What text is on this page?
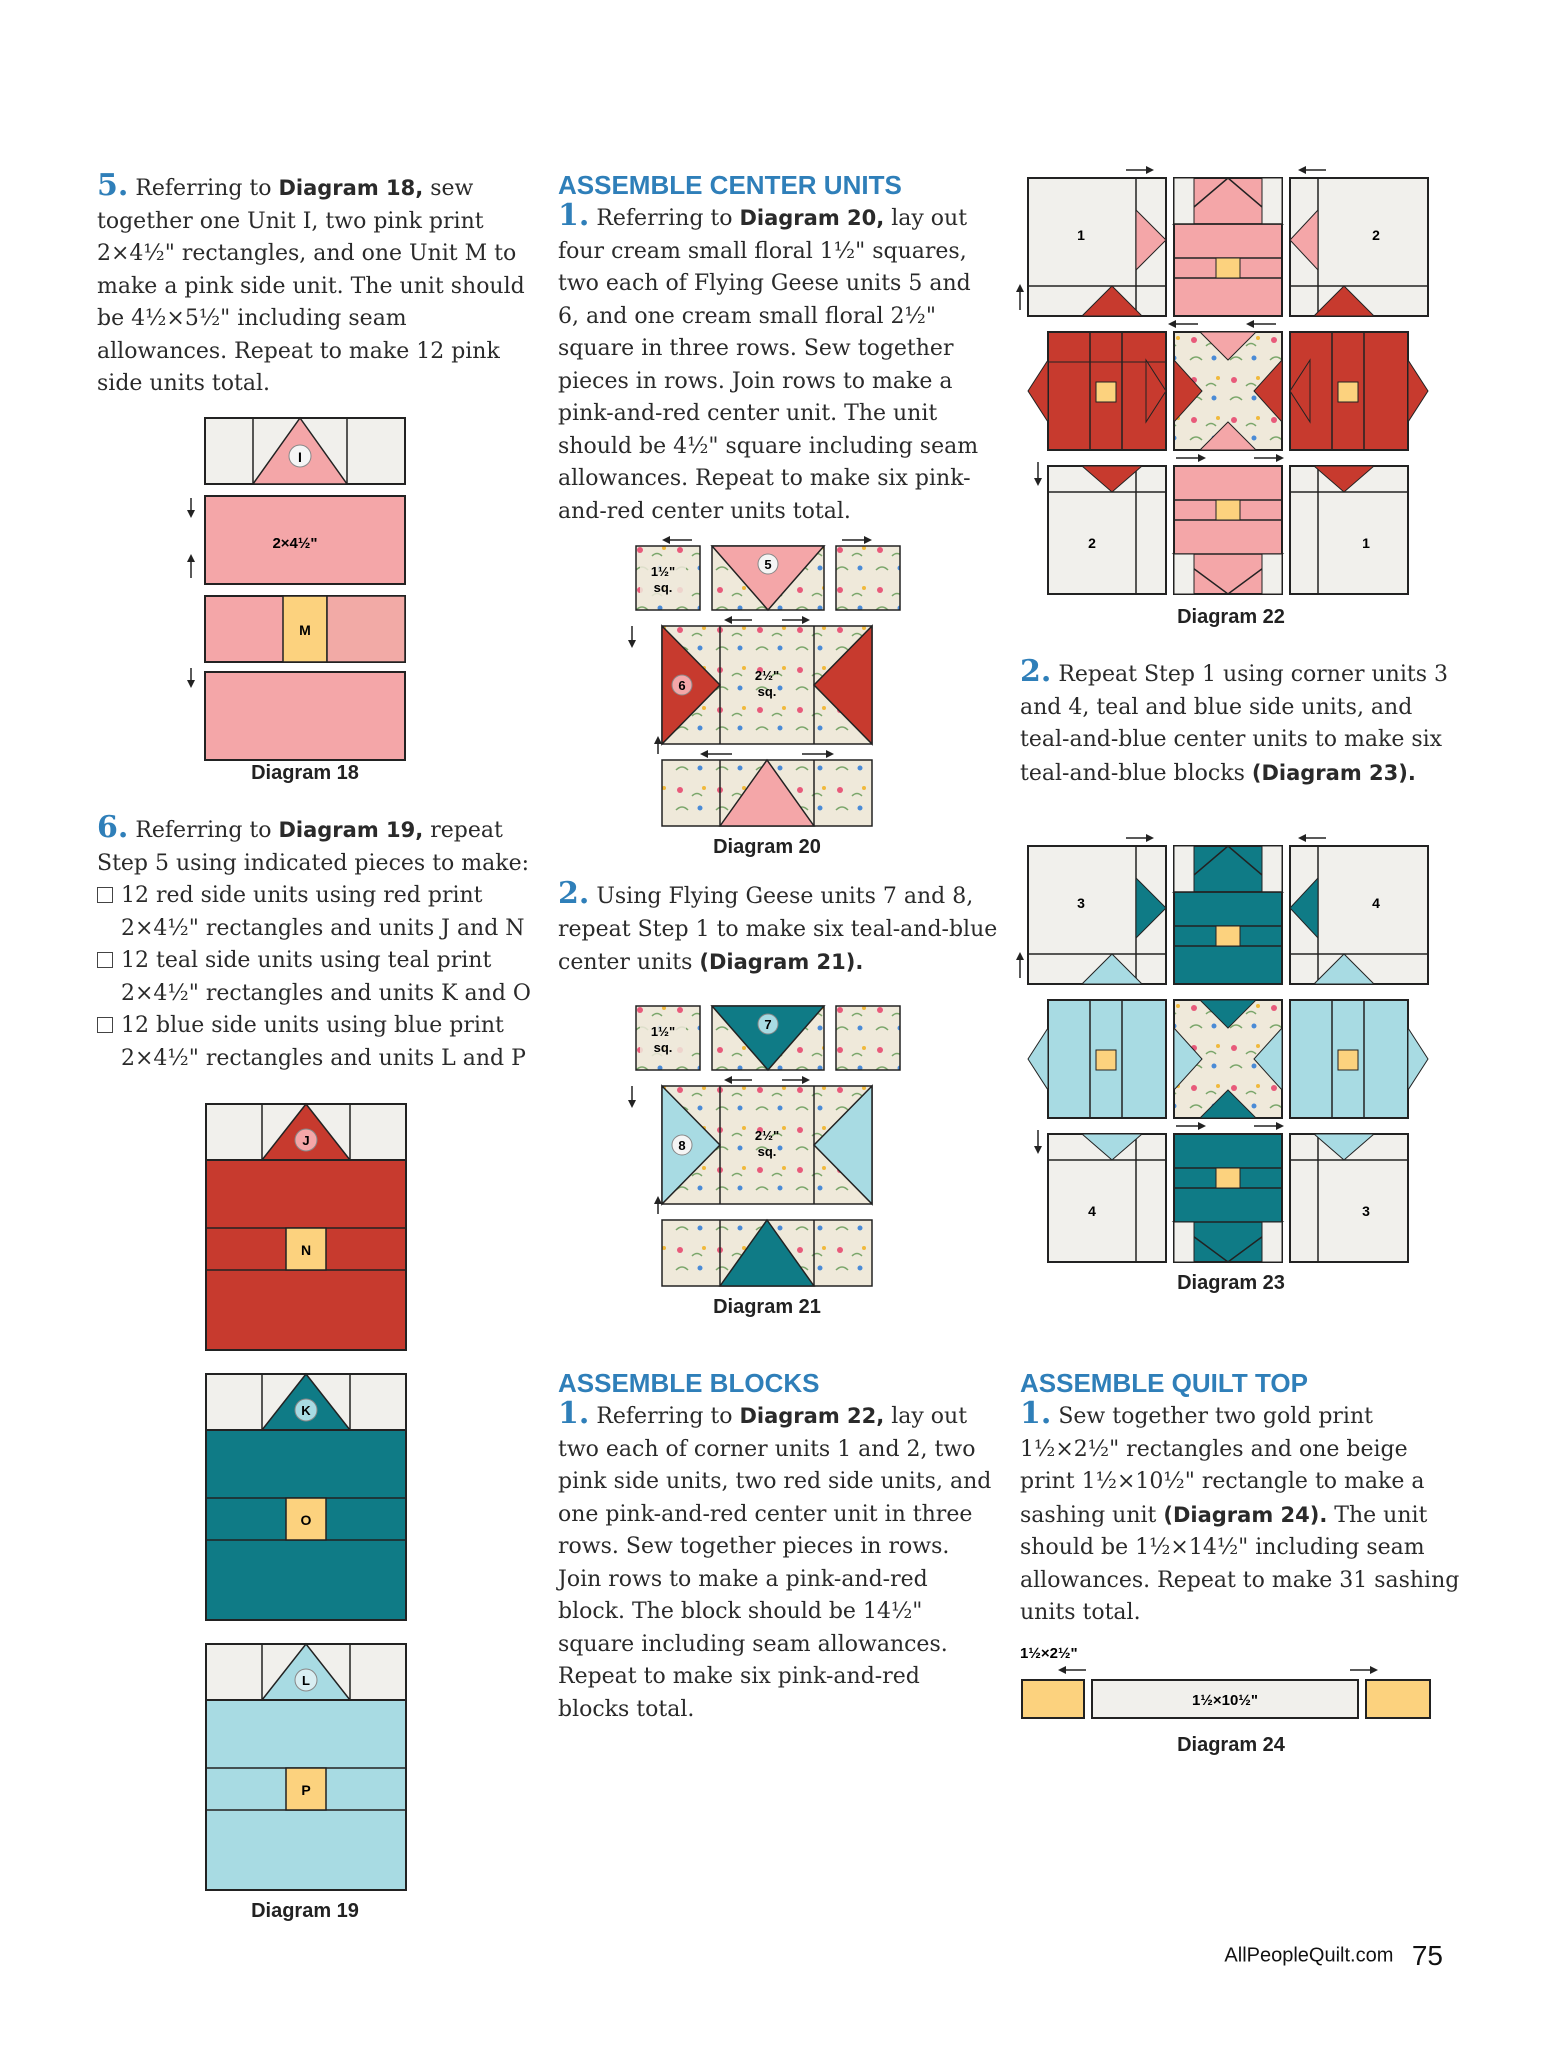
5. Referring to Diagram 18, sew together one Unit I, two pink print 2×4½" rectangles, and one Unit M to make a pink side unit. The unit should be 4½×5½" including seam allowances. Repeat to make 12 pink side units total.

I
2×4½"
M
Diagram 18

6. Referring to Diagram 19, repeat Step 5 using indicated pieces to make:

12 red side units using red print 2×4½" rectangles and units J and N

12 teal side units using teal print 2×4½" rectangles and units K and O

12 blue side units using blue print 2×4½" rectangles and units L and P

J
N
K
O
L
P
Diagram 19

ASSEMBLE CENTER UNITS

1. Referring to Diagram 20, lay out four cream small floral 1½" squares, two each of Flying Geese units 5 and 6, and one cream small floral 2½" square in three rows. Sew together pieces in rows. Join rows to make a pink-and-red center unit. The unit should be 4½" square including seam allowances. Repeat to make six pink-and-red center units total.

5
1½"
sq.
6
2½"
sq.
Diagram 20

2. Using Flying Geese units 7 and 8, repeat Step 1 to make six teal-and-blue center units (Diagram 21).

7
1½"
sq.
8
2½"
sq.
Diagram 21

ASSEMBLE BLOCKS

1. Referring to Diagram 22, lay out two each of corner units 1 and 2, two pink side units, two red side units, and one pink-and-red center unit in three rows. Sew together pieces in rows. Join rows to make a pink-and-red block. The block should be 14½" square including seam allowances. Repeat to make six pink-and-red blocks total.

1	2
2	1
Diagram 22

2. Repeat Step 1 using corner units 3 and 4, teal and blue side units, and teal-and-blue center units to make six teal-and-blue blocks (Diagram 23).

3	4
4	3
Diagram 23

ASSEMBLE QUILT TOP

1. Sew together two gold print 1½×2½" rectangles and one beige print 1½×10½" rectangle to make a sashing unit (Diagram 24). The unit should be 1½×14½" including seam allowances. Repeat to make 31 sashing units total.

1½×2½"
1½×10½"
Diagram 24
AllPeopleQuilt.com 75
